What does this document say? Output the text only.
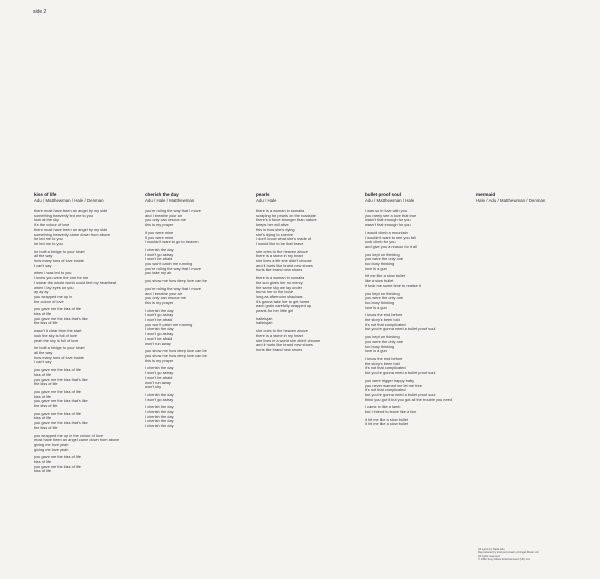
side 2
kiss of life
Adu / Matthewman / Hale / Denman
there must have been an angel by my side
something heavenly led me to you
look at the sky
it's the colour of love
there must have been an angel by my side
something heavenly came down from above
he led me to you
he led me to you
he built a bridge to your heart
all the way
how many tons of love inside
I can't say
when I was led to you
I knew you were the one for me
I swear the whole world could feel my heartbeat
when I lay eyes on you
ay ay ay
you wrapped me up in
the colour of love
you gave me the kiss of life
kiss of life
you gave me the kiss that's like
the kiss of life
wasn't it clear from the start
look the sky is full of love
yeah the sky is full of love
he built a bridge to your heart
all the way
how many tons of love inside
I can't say
you gave me the kiss of life
kiss of life
you gave me the kiss that's like
the kiss of life
you gave me the kiss of life
kiss of life
you gave me the kiss that's like
the kiss of life
you gave me the kiss of life
kiss of life
you gave me the kiss that's like
the kiss of life
you wrapped me up in the colour of love
must have been an angel came down from above
giving me love yeah
giving me love yeah
you gave me the kiss of life
kiss of life
you gave me the kiss of life
kiss of life
cherish the day
Adu / Hale / Matthewman
you're ruling the way that I move
and I breathe your air
you only can rescue me
this is my prayer
if you were mine
if you were mine
I wouldn't want to go to heaven
I cherish the day
I won't go astray
I won't be afraid
you won't catch me running
you're ruling the way that I move
you take my air
you show me how deep love can be
you're ruling the way that I move
and I breathe your air
you only can rescue me
this is my prayer
I cherish the day
I won't go astray
I won't be afraid
you won't catch me running
I cherish the day
I won't go astray
I won't be afraid
won't run away
you show me how deep love can be
you show me how deep love can be
this is my prayer
I cherish the day
I won't go astray
I won't be afraid
won't run away
won't shy
I cherish the day
I won't go astray
I cherish the day
I cherish the day
I cherish the day
I cherish the day
I cherish the day
pearls
Adu / Hale
there is a woman in somalia
scraping for pearls on the roadside
there's a force stronger than nature
keeps her will alive
this is how she's dying
she's dying to survive
I don't know what she's made of
I would like to be that brave
she cries to the heaven above
there is a stone in my heart
she lives a life she didn't choose
and it hurts like brand new shoes
hurts like brand new shoes
there is a woman in somalia
the sun gives her no mercy
the same sky we lay under
burns her to the bone
long as afternoon shadows
it's gonna take her to get home
each grain carefully wrapped up
pearls for her little girl
hallelujah
hallelujah
she cries to the heaven above
there is a stone in my heart
she lives in a world she didn't choose
and it hurts like brand new shoes
hurts like brand new shoes
bullet proof soul
Adu / Matthewman / Hale
I was so in love with you
you rarely see a love that true
wasn't that enough for you
wasn't that enough for you
I would climb a mountain
I wouldn't want to see you fall
rock climb for you
and give you a reason for it all
you kept on thinking
you were the only one
too busy thinking
love is a gun
hit me like a slow bullet
like a slow bullet
it took me some time to realise it
you kept on thinking
you were the only one
too busy thinking
love is a gun
I know the end before
the story's been told
it's not that complicated
but you're gonna need a bullet proof soul
you kept on thinking
you were the only one
too busy thinking
love is a gun
I know the end before
the story's been told
it's not that complicated
but you're gonna need a bullet proof soul
you were trigger happy baby
you never warned me let me free
it's not that complicated
but you're gonna need a bullet proof soul
think you got it but you got all the trouble you need
I came in like a lamb
but I intend to leave like a lion
it hit me like a slow bullet
it hit me like a slow bullet
mermaid
Hale / Adu / Matthewman / Denman
All Lyrics by Sade Adu
Reproduced by kind permission of Angel Music Ltd
All rights reserved
© 1992 Sony Music Entertainment (UK) Ltd
